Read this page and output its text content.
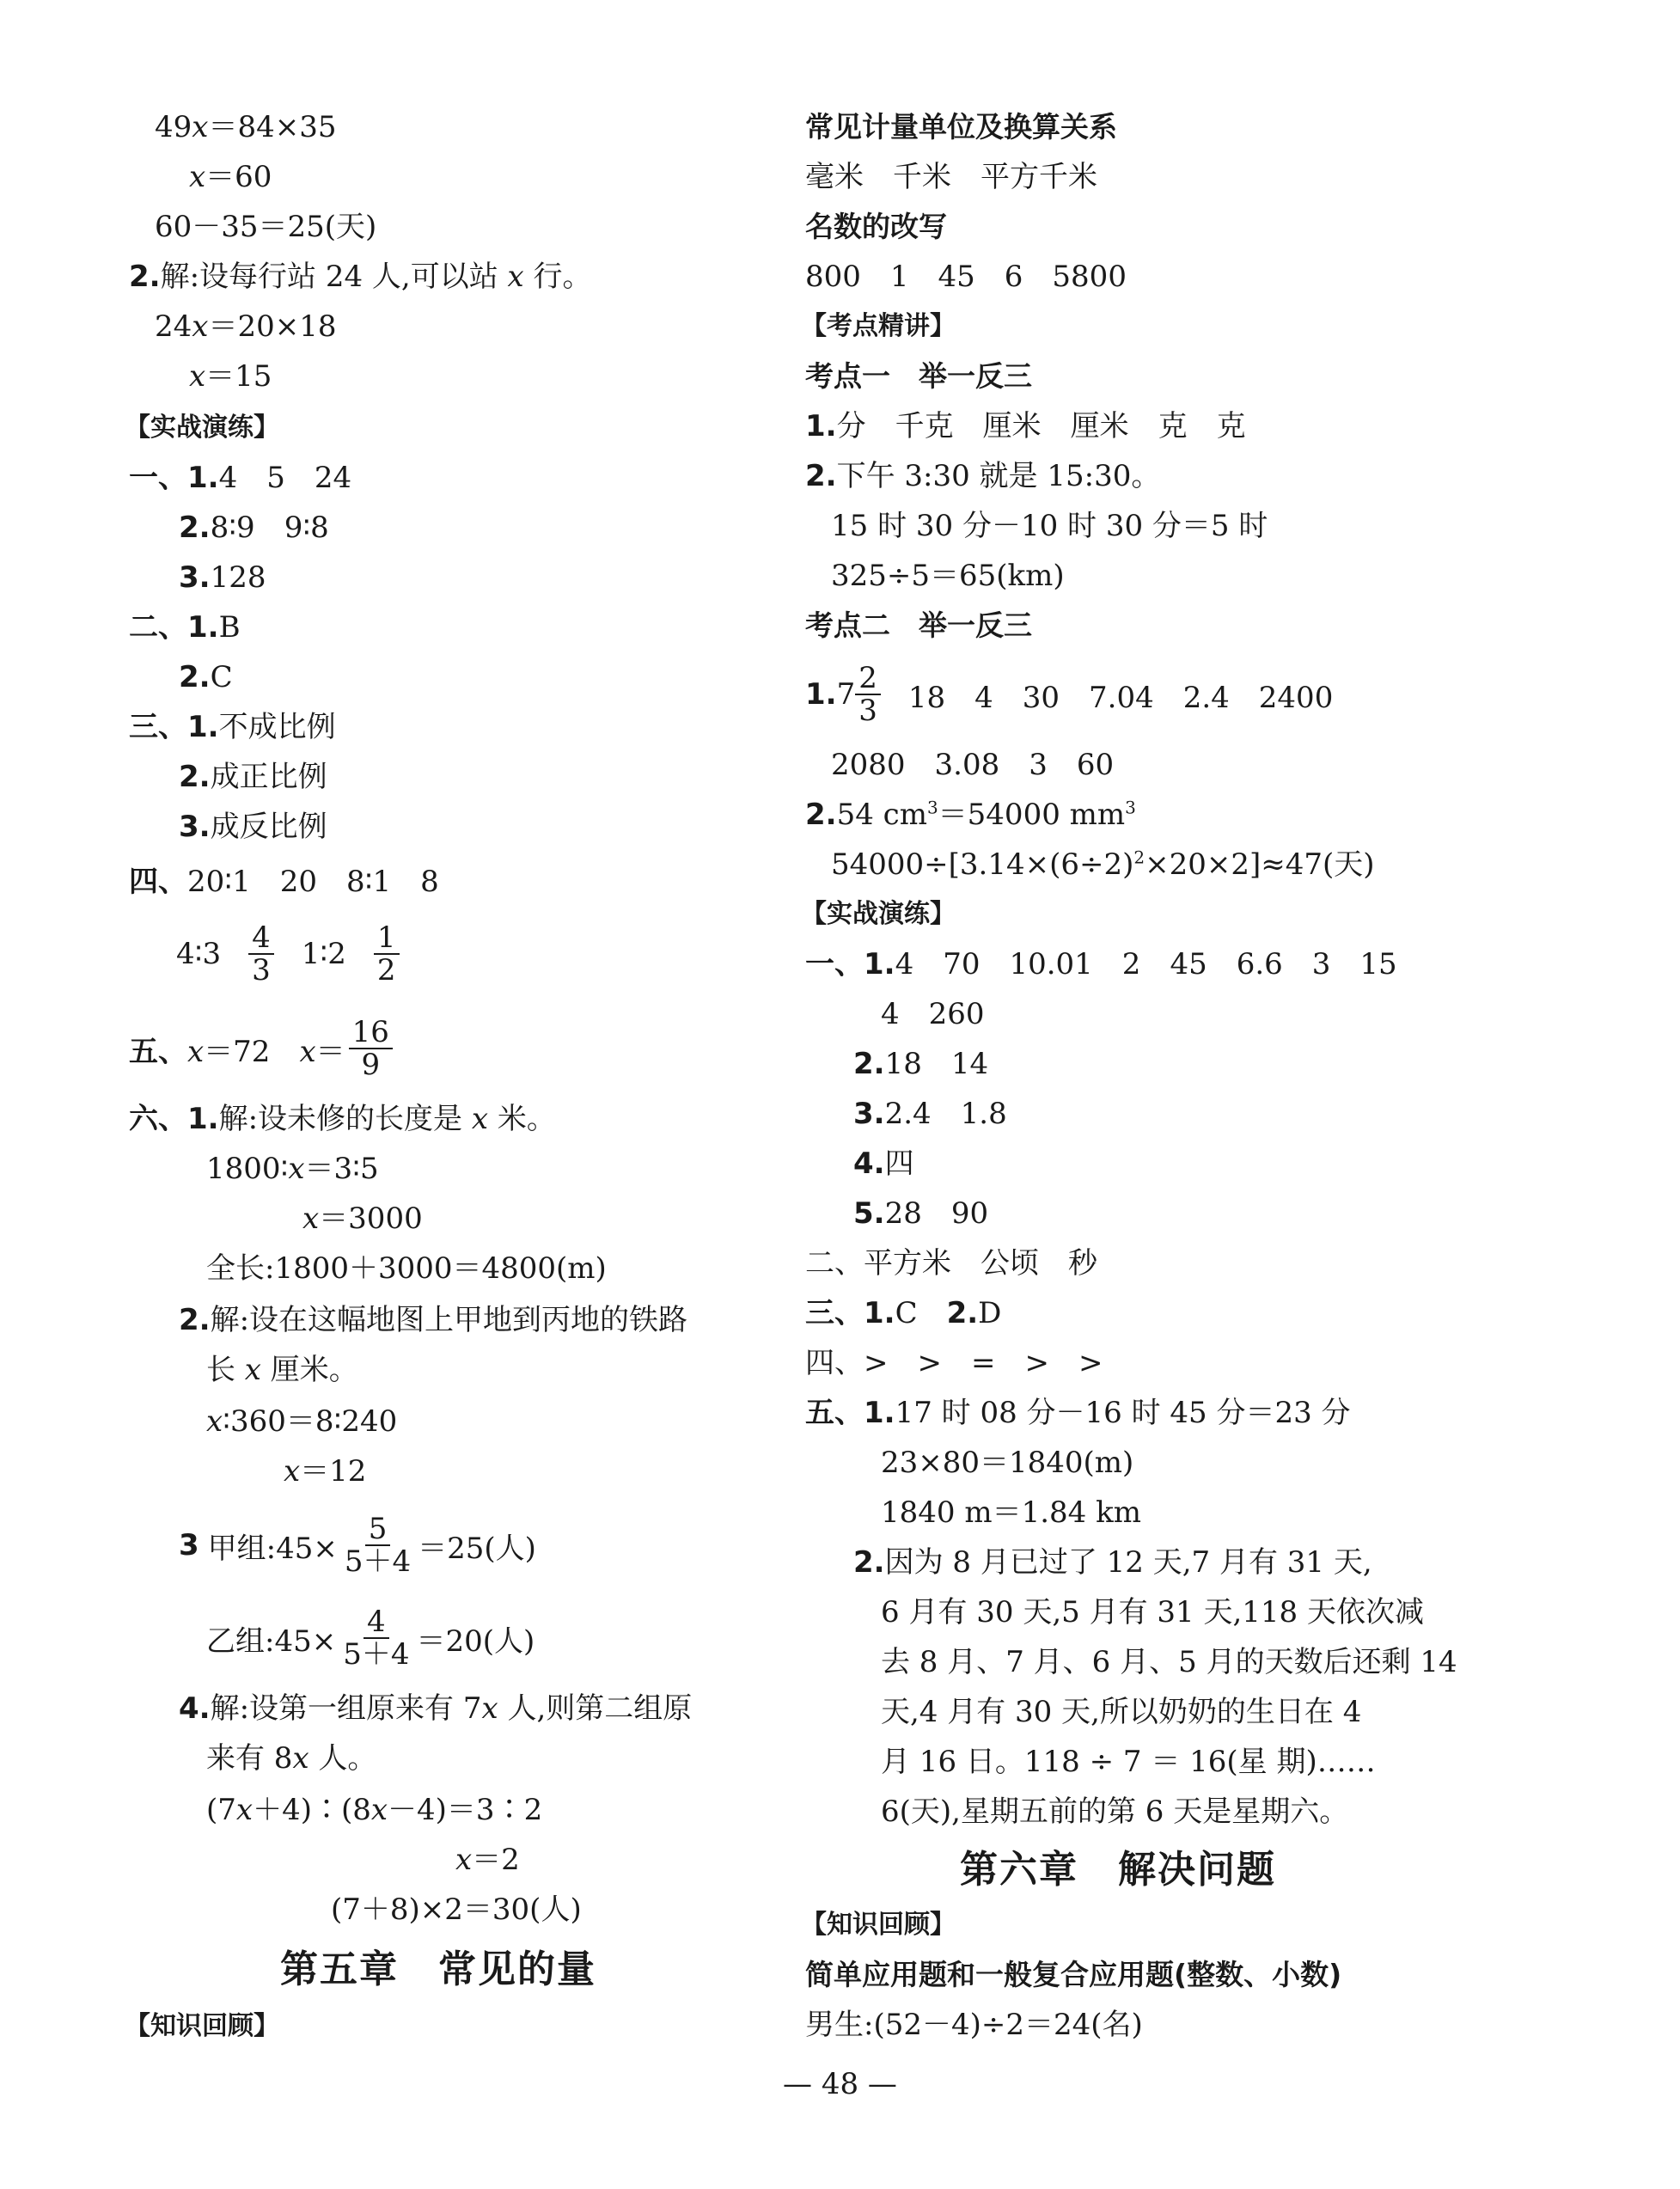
49𝑥＝84×35
𝑥＝60
60－35＝25(天)
2.解:设每行站 24 人,可以站 𝑥 行。
24𝑥＝20×18
𝑥＝15
【实战演练】
一、1.4　5　24
2.8∶9　9∶8
3.128
二、1.B
2.C
三、1.不成比例
2.成正比例
3.成反比例
四、20∶1　20　8∶1　8
4∶3 $\frac{4}{3}$ 1∶2 $\frac{1}{2}$
五、 𝑥＝72　𝑥＝ $\frac{16}{9}$
六、1.解:设未修的长度是 𝑥 米。
1800∶𝑥＝3∶5
𝑥＝3000
全长:1800＋3000＝4800(m)
2.解:设在这幅地图上甲地到丙地的铁路
长 𝑥 厘米。
𝑥∶360＝8∶240
𝑥＝12
3 甲组:45× $\frac{5}{5+4} =25$(人)
乙组:45× $\frac{4}{5+4} =20$(人)
4.解:设第一组原来有 7𝑥 人,则第二组原
来有 8𝑥 人。
(7𝑥＋4)∶(8𝑥－4)＝3∶2
𝑥＝2
(7＋8)×2＝30(人)
第五章　常见的量
【知识回顾】
常见计量单位及换算关系
毫米　千米　平方千米
名数的改写
800　1　45　6　5800
【考点精讲】
考点一　举一反三
1.分　千克　厘米　厘米　克　克
2.下午 3:30 就是 15:30。
15 时 30 分－10 时 30 分＝5 时
325÷5＝65(km)
考点二　举一反三
1. $7 \frac{2}{3} 18$　4　30　7.04　2.4　2400
2080　3.08　3　60
2.54 $cm^3=54000$ $mm^3$
$54000\div[3.14\times(6\div 2)^2\times 20\times 2]\approx 47$(天)
【实战演练】
一、1.4　70　10.01　2　45　6.6　3　15
4　260
2.18　14
3.2.4　1.8
4.四
5.28　90
二、平方米　公顷　秒
三、1.C　2.D
四、>　>　=　>　>
五、1.17 时 08 分－16 时 45 分＝23 分
23×80＝1840(m)
1840 m＝1.84 km
2.因为 8 月已过了 12 天,7 月有 31 天,
6 月有 30 天,5 月有 31 天,118 天依次减
去 8 月、7 月、6 月、5 月的天数后还剩 14
天,4 月有 30 天,所以奶奶的生日在 4
月 16 日。118 ÷ 7 ＝ 16(星 期)……
6(天),星期五前的第 6 天是星期六。
第六章　解决问题
【知识回顾】
简单应用题和一般复合应用题(整数、小数)
男生:(52－4)÷2＝24(名)
— 48 —
